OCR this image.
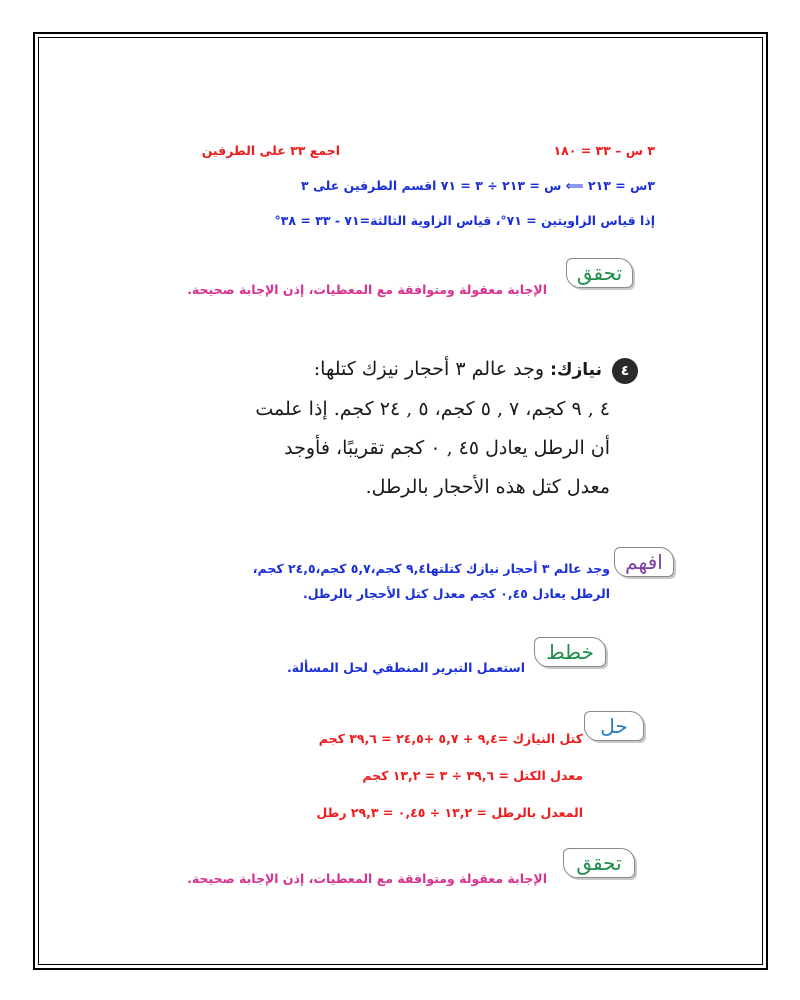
٣ س – ٣٣ = ١٨٠
اجمع ٣٣ على الطرفين
٣س = ٢١٣ ⟸ س = ٢١٣ ÷ ٣ = ٧١ اقسم الطرفين على ٣
إذا قياس الزاويتين = ٧١°، قياس الزاوية الثالثة=٧١ - ٣٣ = ٣٨°
تحقق
الإجابة معقولة ومتوافقة مع المعطيات، إذن الإجابة صحيحة.
٤
نيازك: وجد عالم ٣ أحجار نيزك كتلها:
٤ , ٩ كجم، ٧ , ٥ كجم، ٥ , ٢٤ كجم. إذا علمت
أن الرطل يعادل ٤٥ , ٠ كجم تقريبًا، فأوجد
معدل كتل هذه الأحجار بالرطل.
افهم
وجد عالم ٣ أحجار نيازك كتلتها٩,٤ كجم،٥,٧ كجم،٢٤,٥ كجم،
الرطل يعادل ٠,٤٥ كجم معدل كتل الأحجار بالرطل.
خطط
استعمل التبرير المنطقي لحل المسألة.
حل
كتل النيازك =٩,٤ + ٥,٧ +٢٤,٥ = ٣٩,٦ كجم
معدل الكتل = ٣٩,٦ ÷ ٣ = ١٣,٢ كجم
المعدل بالرطل = ١٣,٢ ÷ ٠,٤٥ = ٢٩,٣ رطل
تحقق
الإجابة معقولة ومتوافقة مع المعطيات، إذن الإجابة صحيحة.
